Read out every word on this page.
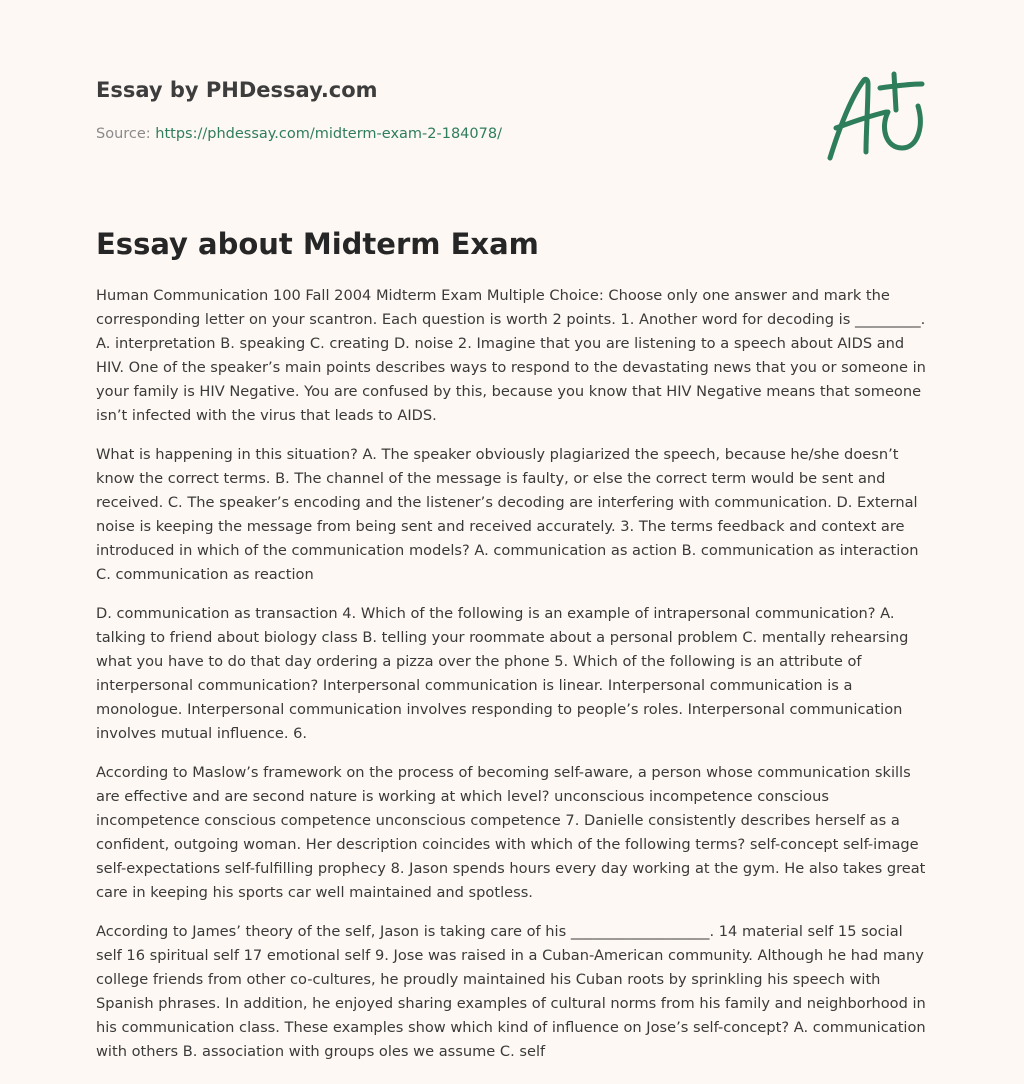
Essay by PHDessay.com
Source: https://phdessay.com/midterm-exam-2-184078/
Essay about Midterm Exam

Human Communication 100 Fall 2004 Midterm Exam Multiple Choice: Choose only one answer and mark the corresponding letter on your scantron. Each question is worth 2 points. 1. Another word for decoding is _________. A. interpretation B. speaking C. creating D. noise 2. Imagine that you are listening to a speech about AIDS and HIV. One of the speaker’s main points describes ways to respond to the devastating news that you or someone in your family is HIV Negative. You are confused by this, because you know that HIV Negative means that someone isn’t infected with the virus that leads to AIDS.

What is happening in this situation? A. The speaker obviously plagiarized the speech, because he/she doesn’t know the correct terms. B. The channel of the message is faulty, or else the correct term would be sent and received. C. The speaker’s encoding and the listener’s decoding are interfering with communication. D. External noise is keeping the message from being sent and received accurately. 3. The terms feedback and context are introduced in which of the communication models? A. communication as action B. communication as interaction C. communication as reaction

D. communication as transaction 4. Which of the following is an example of intrapersonal communication? A. talking to friend about biology class B. telling your roommate about a personal problem C. mentally rehearsing what you have to do that day ordering a pizza over the phone 5. Which of the following is an attribute of interpersonal communication? Interpersonal communication is linear. Interpersonal communication is a monologue. Interpersonal communication involves responding to people’s roles. Interpersonal communication involves mutual influence. 6.

According to Maslow’s framework on the process of becoming self-aware, a person whose communication skills are effective and are second nature is working at which level? unconscious incompetence conscious incompetence conscious competence unconscious competence 7. Danielle consistently describes herself as a confident, outgoing woman. Her description coincides with which of the following terms? self-concept self-image self-expectations self-fulfilling prophecy 8. Jason spends hours every day working at the gym. He also takes great care in keeping his sports car well maintained and spotless.

According to James’ theory of the self, Jason is taking care of his ___________________. 14 material self 15 social self 16 spiritual self 17 emotional self 9. Jose was raised in a Cuban-American community. Although he had many college friends from other co-cultures, he proudly maintained his Cuban roots by sprinkling his speech with Spanish phrases. In addition, he enjoyed sharing examples of cultural norms from his family and neighborhood in his communication class. These examples show which kind of influence on Jose’s self-concept? A. communication with others B. association with groups oles we assume C. self
